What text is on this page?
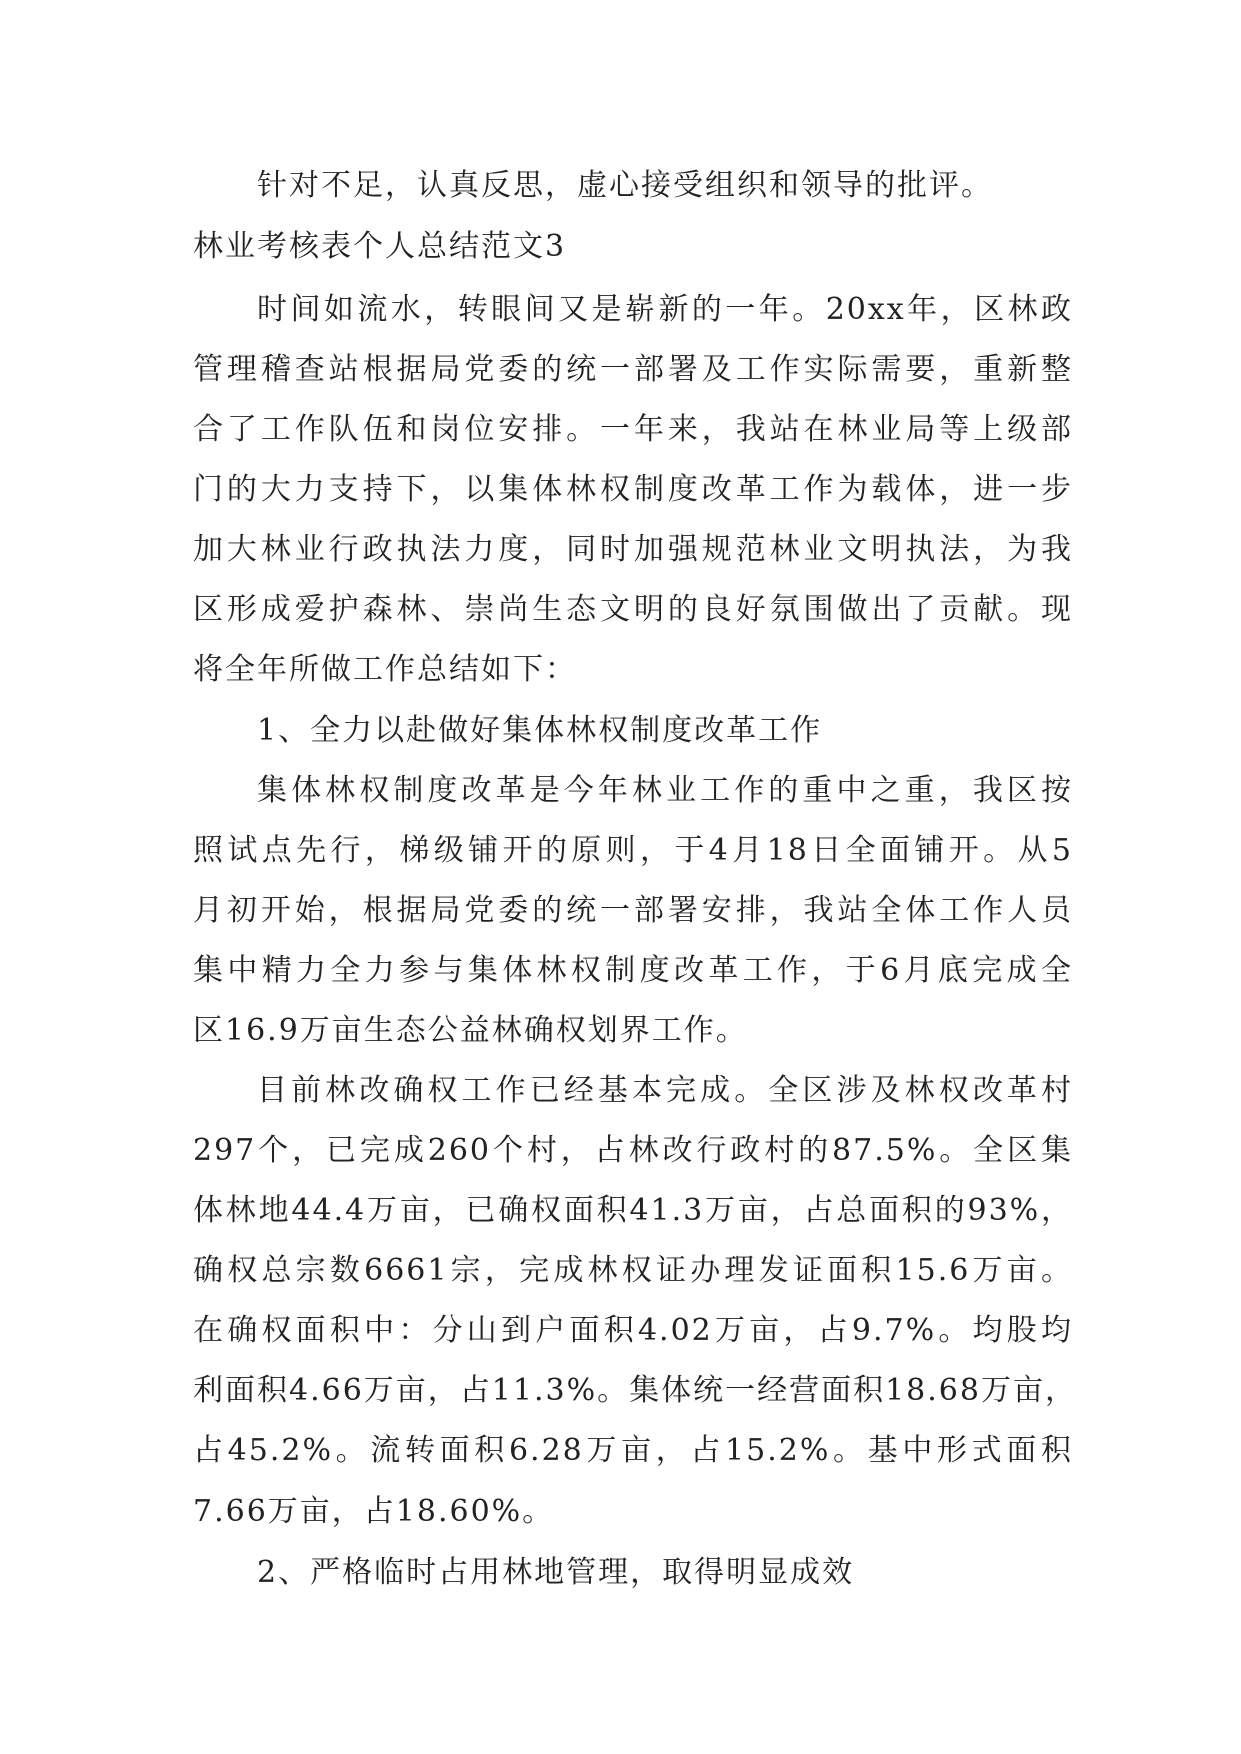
针对不足，认真反思，虚心接受组织和领导的批评。
林业考核表个人总结范文3
时间如流水，转眼间又是崭新的一年。20xx年，区林政
管理稽查站根据局党委的统一部署及工作实际需要，重新整
合了工作队伍和岗位安排。一年来，我站在林业局等上级部
门的大力支持下，以集体林权制度改革工作为载体，进一步
加大林业行政执法力度，同时加强规范林业文明执法，为我
区形成爱护森林、崇尚生态文明的良好氛围做出了贡献。现
将全年所做工作总结如下：
1、全力以赴做好集体林权制度改革工作
集体林权制度改革是今年林业工作的重中之重，我区按
照试点先行，梯级铺开的原则，于4月18日全面铺开。从5
月初开始，根据局党委的统一部署安排，我站全体工作人员
集中精力全力参与集体林权制度改革工作，于6月底完成全
区16.9万亩生态公益林确权划界工作。
目前林改确权工作已经基本完成。全区涉及林权改革村
297个，已完成260个村，占林改行政村的87.5%。全区集
体林地44.4万亩，已确权面积41.3万亩，占总面积的93%，
确权总宗数6661宗，完成林权证办理发证面积15.6万亩。
在确权面积中：分山到户面积4.02万亩，占9.7%。均股均
利面积4.66万亩，占11.3%。集体统一经营面积18.68万亩，
占45.2%。流转面积6.28万亩，占15.2%。基中形式面积
7.66万亩，占18.60%。
2、严格临时占用林地管理，取得明显成效
